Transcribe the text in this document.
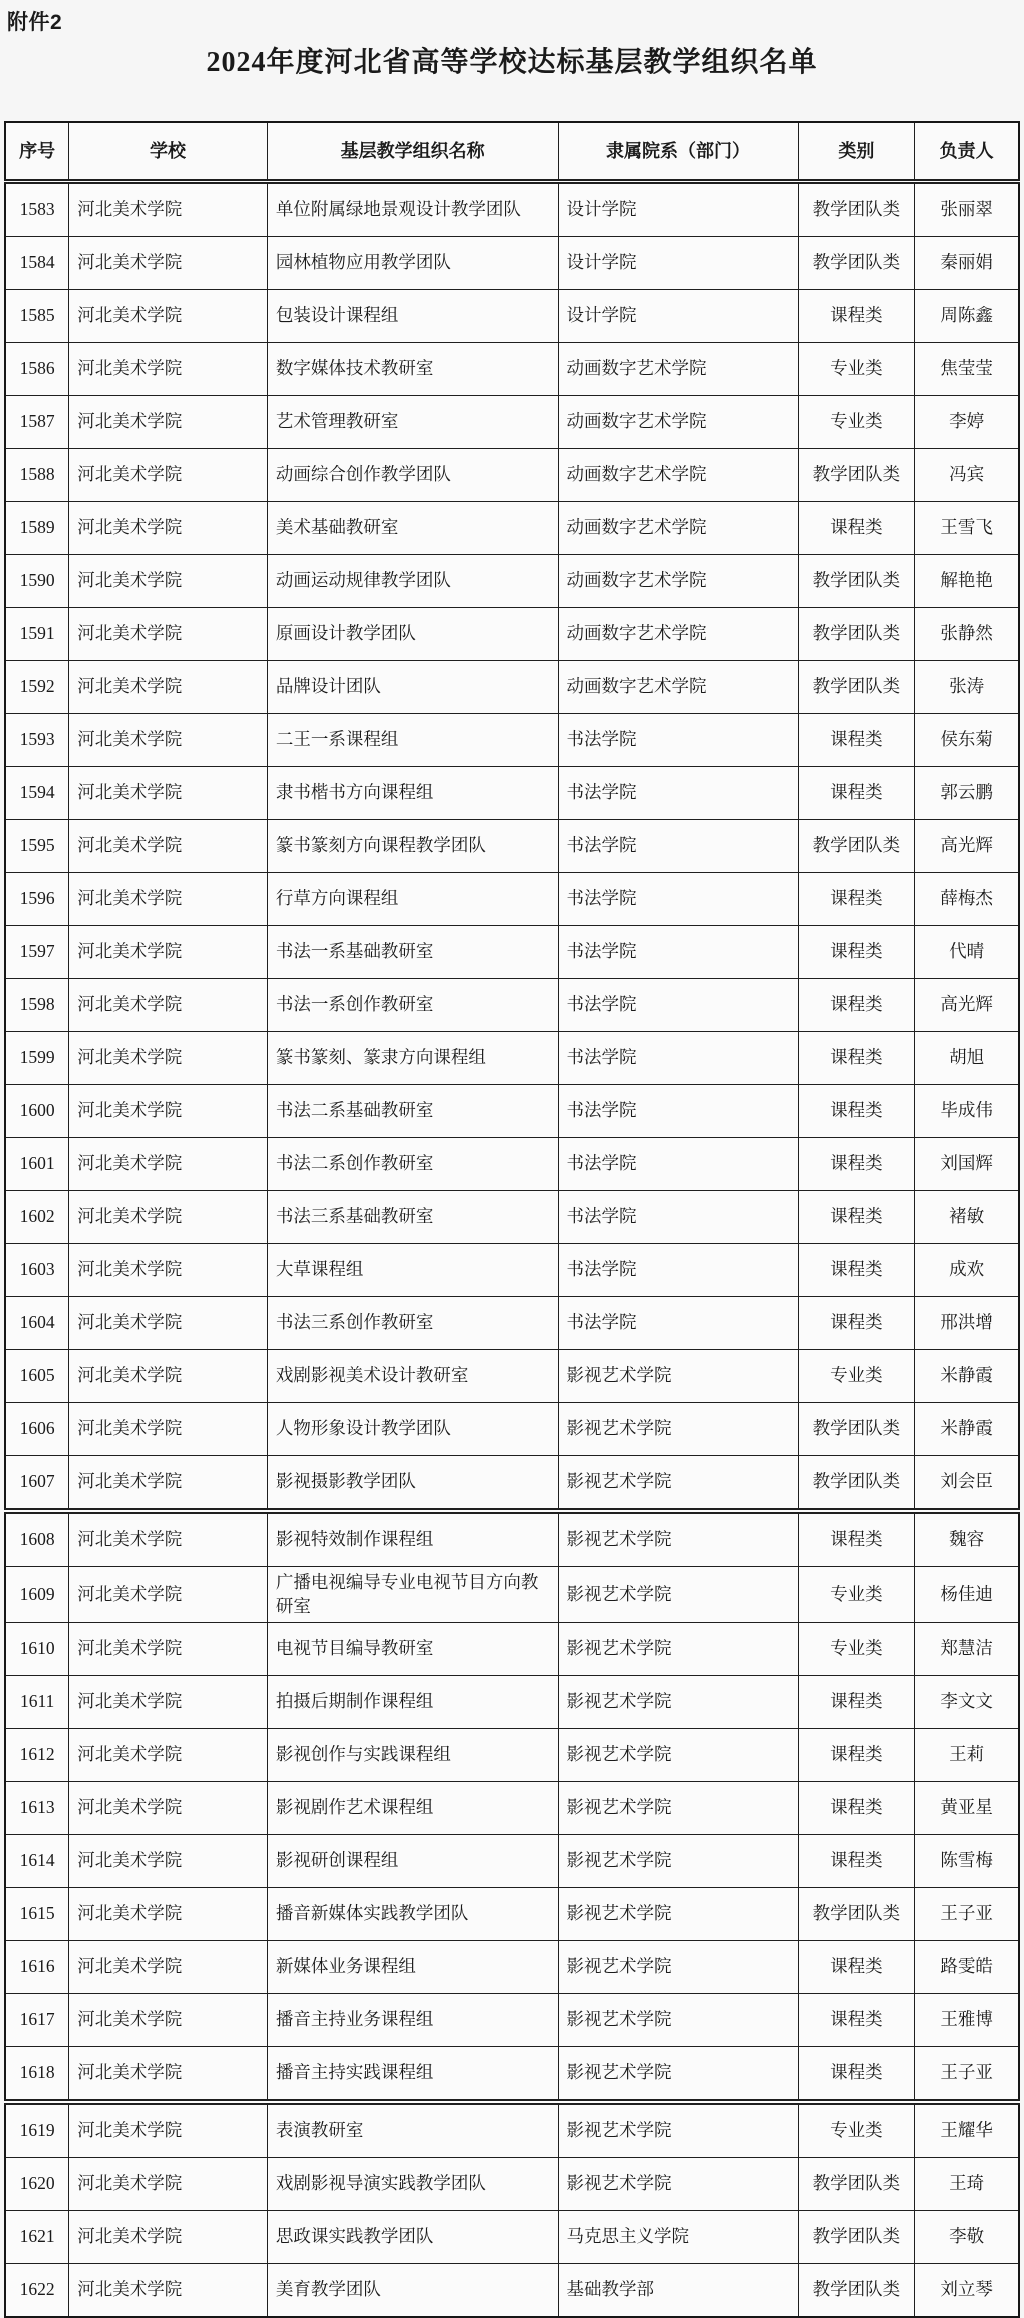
附件2
2024年度河北省高等学校达标基层教学组织名单
序号	学校	基层教学组织名称	隶属院系（部门）	类别	负责人
1583	河北美术学院	单位附属绿地景观设计教学团队	设计学院	教学团队类	张丽翠
1584	河北美术学院	园林植物应用教学团队	设计学院	教学团队类	秦丽娟
1585	河北美术学院	包装设计课程组	设计学院	课程类	周陈鑫
1586	河北美术学院	数字媒体技术教研室	动画数字艺术学院	专业类	焦莹莹
1587	河北美术学院	艺术管理教研室	动画数字艺术学院	专业类	李婷
1588	河北美术学院	动画综合创作教学团队	动画数字艺术学院	教学团队类	冯宾
1589	河北美术学院	美术基础教研室	动画数字艺术学院	课程类	王雪飞
1590	河北美术学院	动画运动规律教学团队	动画数字艺术学院	教学团队类	解艳艳
1591	河北美术学院	原画设计教学团队	动画数字艺术学院	教学团队类	张静然
1592	河北美术学院	品牌设计团队	动画数字艺术学院	教学团队类	张涛
1593	河北美术学院	二王一系课程组	书法学院	课程类	侯东菊
1594	河北美术学院	隶书楷书方向课程组	书法学院	课程类	郭云鹏
1595	河北美术学院	篆书篆刻方向课程教学团队	书法学院	教学团队类	高光辉
1596	河北美术学院	行草方向课程组	书法学院	课程类	薛梅杰
1597	河北美术学院	书法一系基础教研室	书法学院	课程类	代晴
1598	河北美术学院	书法一系创作教研室	书法学院	课程类	高光辉
1599	河北美术学院	篆书篆刻、篆隶方向课程组	书法学院	课程类	胡旭
1600	河北美术学院	书法二系基础教研室	书法学院	课程类	毕成伟
1601	河北美术学院	书法二系创作教研室	书法学院	课程类	刘国辉
1602	河北美术学院	书法三系基础教研室	书法学院	课程类	褚敏
1603	河北美术学院	大草课程组	书法学院	课程类	成欢
1604	河北美术学院	书法三系创作教研室	书法学院	课程类	邢洪增
1605	河北美术学院	戏剧影视美术设计教研室	影视艺术学院	专业类	米静霞
1606	河北美术学院	人物形象设计教学团队	影视艺术学院	教学团队类	米静霞
1607	河北美术学院	影视摄影教学团队	影视艺术学院	教学团队类	刘会臣
1608	河北美术学院	影视特效制作课程组	影视艺术学院	课程类	魏容
1609	河北美术学院	广播电视编导专业电视节目方向教研室	影视艺术学院	专业类	杨佳迪
1610	河北美术学院	电视节目编导教研室	影视艺术学院	专业类	郑慧洁
1611	河北美术学院	拍摄后期制作课程组	影视艺术学院	课程类	李文文
1612	河北美术学院	影视创作与实践课程组	影视艺术学院	课程类	王莉
1613	河北美术学院	影视剧作艺术课程组	影视艺术学院	课程类	黄亚星
1614	河北美术学院	影视研创课程组	影视艺术学院	课程类	陈雪梅
1615	河北美术学院	播音新媒体实践教学团队	影视艺术学院	教学团队类	王子亚
1616	河北美术学院	新媒体业务课程组	影视艺术学院	课程类	路雯皓
1617	河北美术学院	播音主持业务课程组	影视艺术学院	课程类	王雅博
1618	河北美术学院	播音主持实践课程组	影视艺术学院	课程类	王子亚
1619	河北美术学院	表演教研室	影视艺术学院	专业类	王耀华
1620	河北美术学院	戏剧影视导演实践教学团队	影视艺术学院	教学团队类	王琦
1621	河北美术学院	思政课实践教学团队	马克思主义学院	教学团队类	李敬
1622	河北美术学院	美育教学团队	基础教学部	教学团队类	刘立琴
